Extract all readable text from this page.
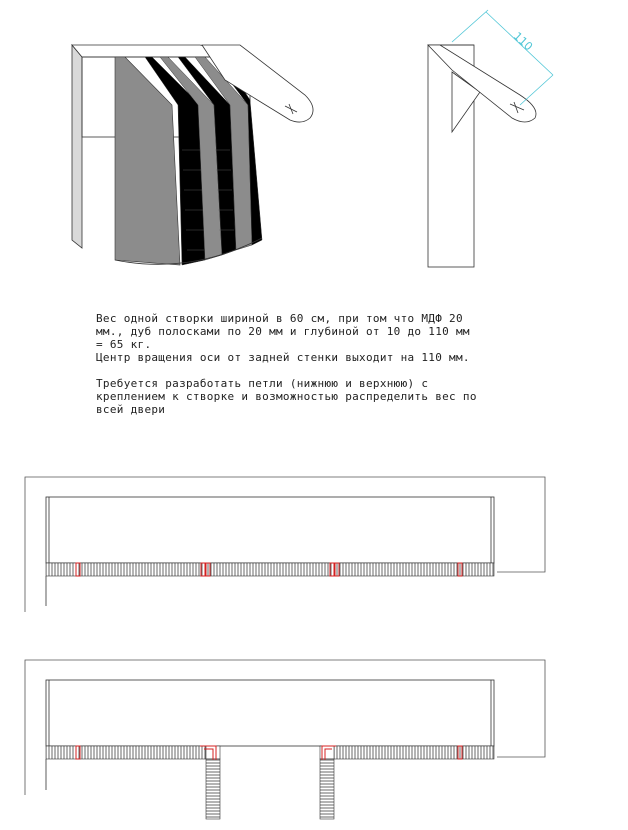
110
Вес одной створки шириной в 60 см, при том что МДФ 20
мм., дуб полосками по 20 мм и глубиной от 10 до 110 мм
= 65 кг.
Центр вращения оси от задней стенки выходит на 110 мм.
Требуется разработать петли (нижнюю и верхнюю) с
креплением к створке и возможностью распределить вес по
всей двери
